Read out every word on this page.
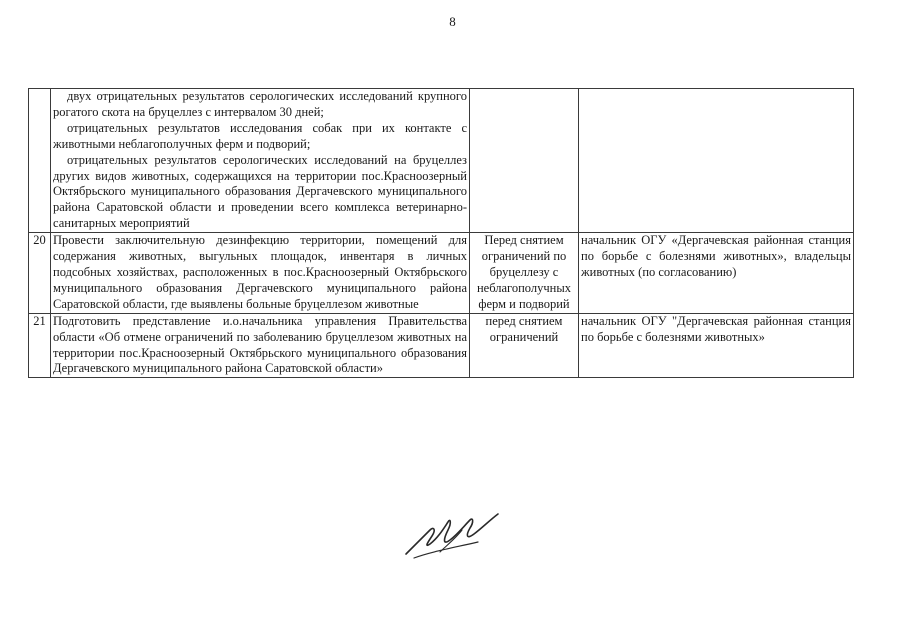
8

	двух отрицательных результатов серологических исследований крупного рогатого скота на бруцеллез с интервалом 30 дней;
отрицательных результатов исследования собак при их контакте с животными неблагополучных ферм и подворий;
отрицательных результатов серологических исследований на бруцеллез других видов животных, содержащихся на территории пос.Красноозерный Октябрьского муниципального образования Дергачевского муниципального района Саратовской области и проведении всего комплекса ветеринарно-санитарных мероприятий		

20	Провести заключительную дезинфекцию территории, помещений для содержания животных, выгульных площадок, инвентаря в личных подсобных хозяйствах, расположенных в пос.Красноозерный Октябрьского муниципального образования Дергачевского муниципального района Саратовской области, где выявлены больные бруцеллезом животные	Перед снятием ограничений по бруцеллезу с неблагополучных ферм и подворий	начальник ОГУ «Дергачевская районная станция по борьбе с болезнями животных», владельцы животных (по согласованию)
21	Подготовить представление и.о.начальника управления Правительства области «Об отмене ограничений по заболеванию бруцеллезом животных на территории пос.Красноозерный Октябрьского муниципального образования Дергачевского муниципального района Саратовской области»	перед снятием ограничений	начальник ОГУ "Дергачевская районная станция по борьбе с болезнями животных»
